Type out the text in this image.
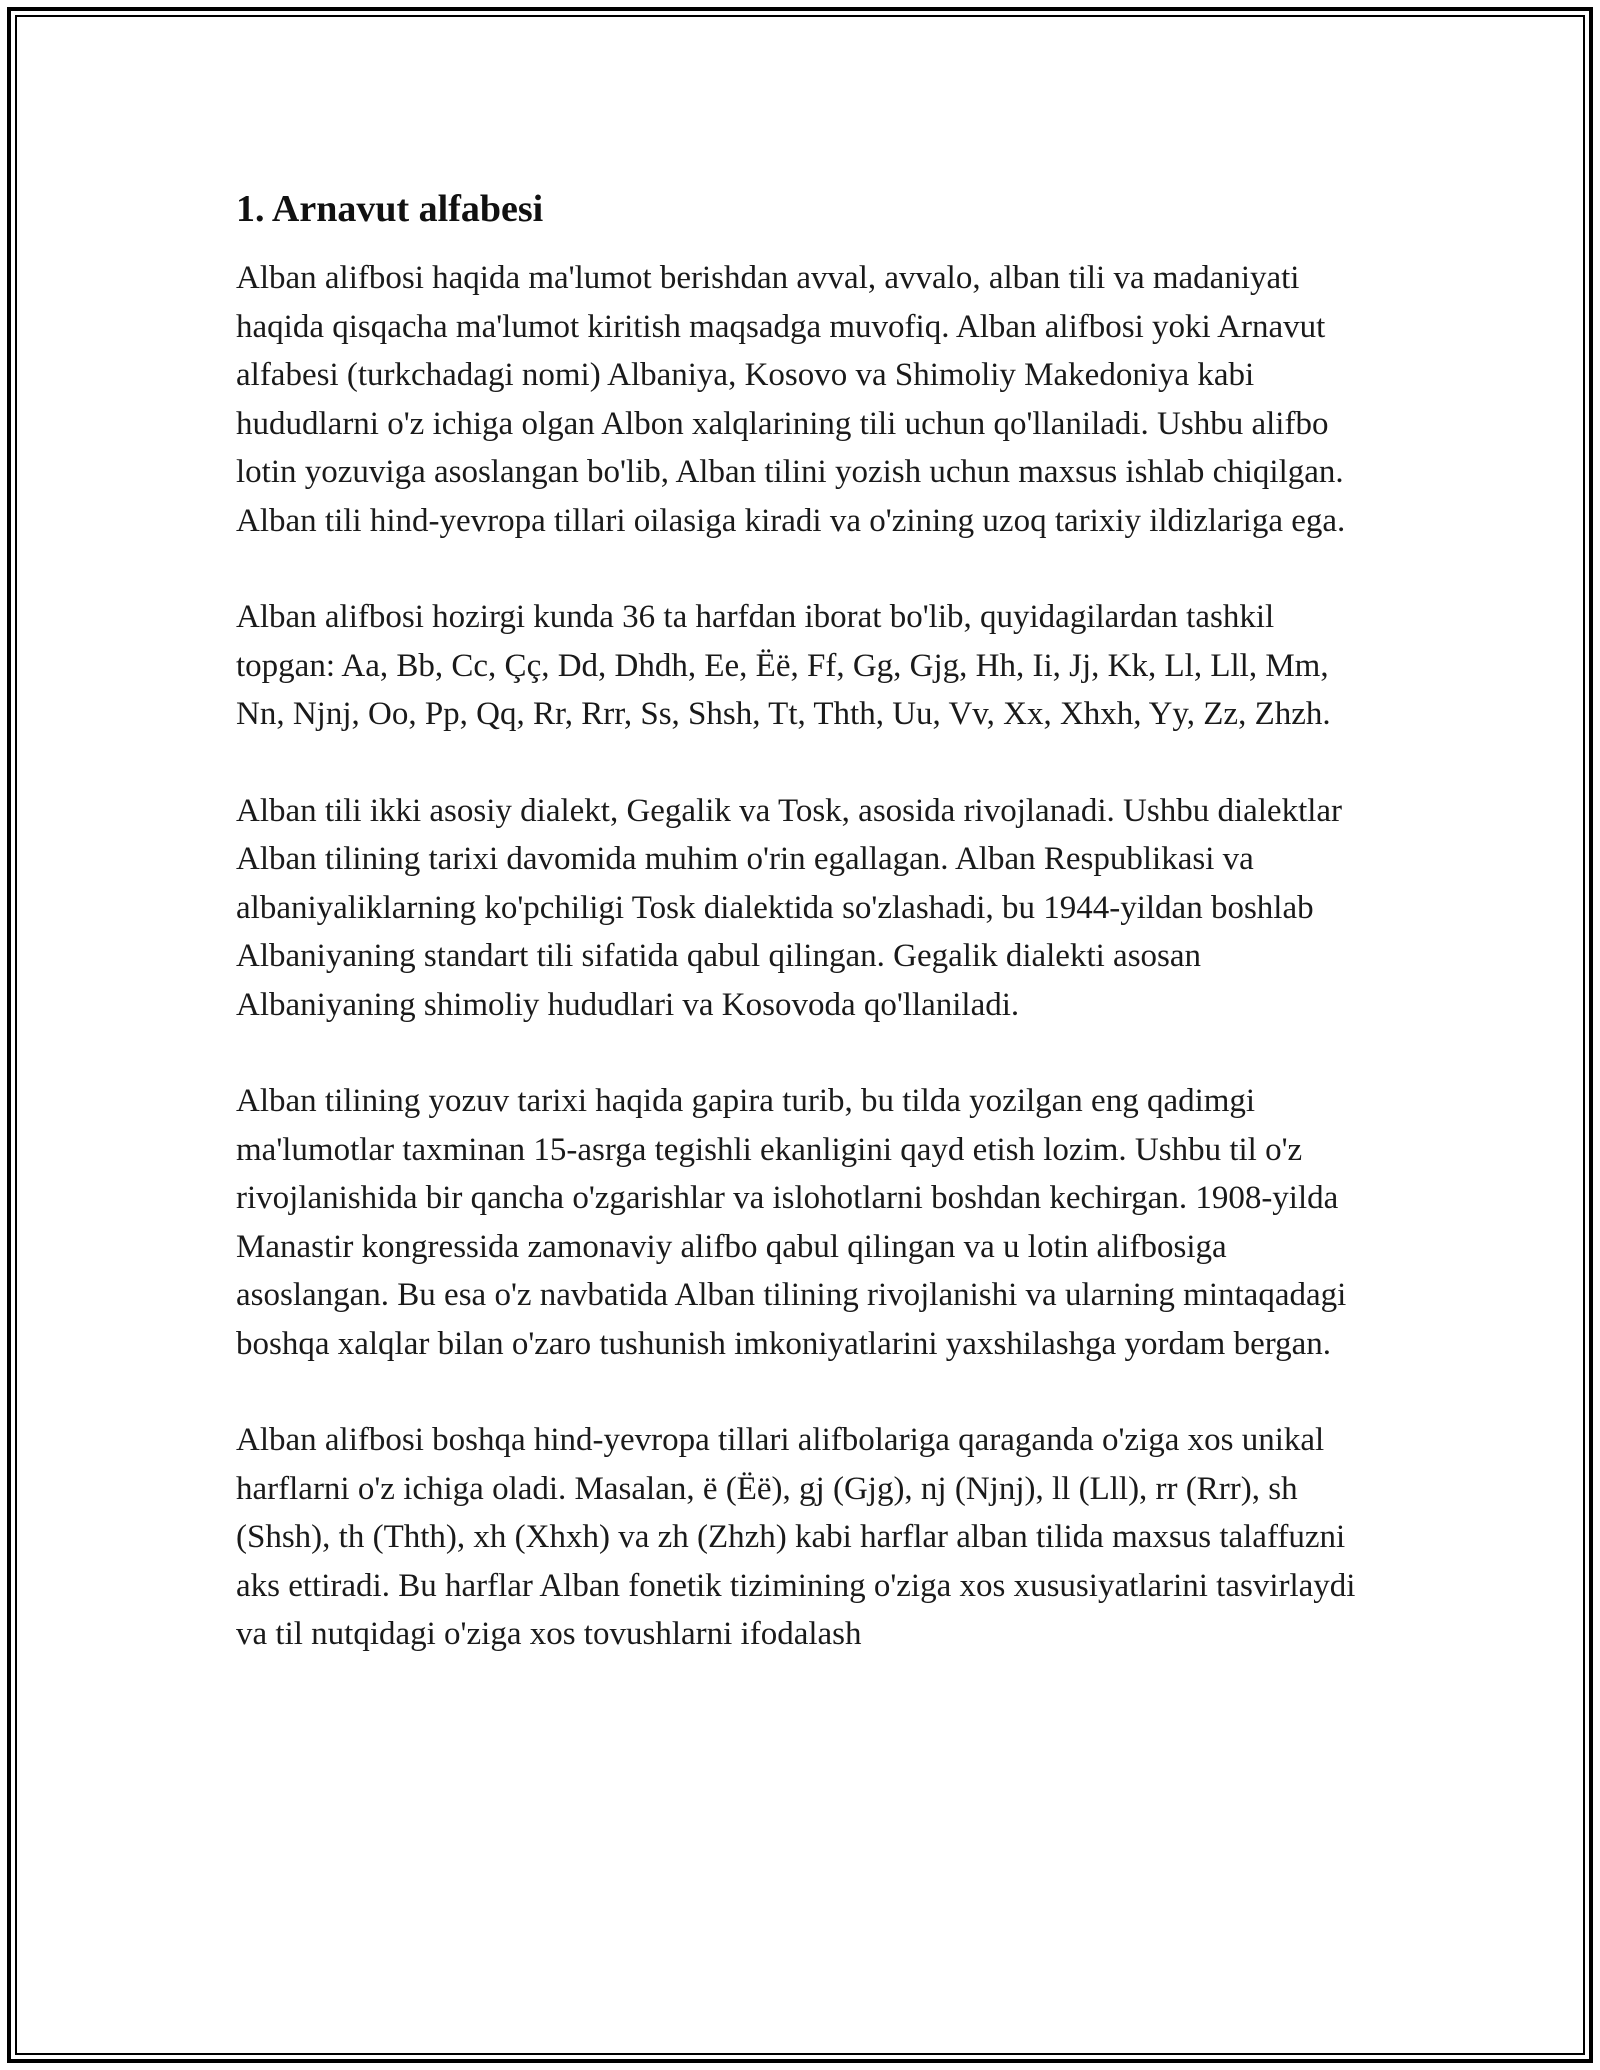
1. Arnavut alfabesi

Alban alifbosi haqida ma'lumot berishdan avval, avvalo, alban tili va madaniyati haqida qisqacha ma'lumot kiritish maqsadga muvofiq. Alban alifbosi yoki Arnavut alfabesi (turkchadagi nomi) Albaniya, Kosovo va Shimoliy Makedoniya kabi hududlarni o'z ichiga olgan Albon xalqlarining tili uchun qo'llaniladi. Ushbu alifbo lotin yozuviga asoslangan bo'lib, Alban tilini yozish uchun maxsus ishlab chiqilgan. Alban tili hind-yevropa tillari oilasiga kiradi va o'zining uzoq tarixiy ildizlariga ega.

Alban alifbosi hozirgi kunda 36 ta harfdan iborat bo'lib, quyidagilardan tashkil topgan: Aa, Bb, Cc, Çç, Dd, Dhdh, Ee, Ëë, Ff, Gg, Gjg, Hh, Ii, Jj, Kk, Ll, Lll, Mm, Nn, Njnj, Oo, Pp, Qq, Rr, Rrr, Ss, Shsh, Tt, Thth, Uu, Vv, Xx, Xhxh, Yy, Zz, Zhzh.

Alban tili ikki asosiy dialekt, Gegalik va Tosk, asosida rivojlanadi. Ushbu dialektlar Alban tilining tarixi davomida muhim o'rin egallagan. Alban Respublikasi va albaniyaliklarning ko'pchiligi Tosk dialektida so'zlashadi, bu 1944-yildan boshlab Albaniyaning standart tili sifatida qabul qilingan. Gegalik dialekti asosan Albaniyaning shimoliy hududlari va Kosovoda qo'llaniladi.

Alban tilining yozuv tarixi haqida gapira turib, bu tilda yozilgan eng qadimgi ma'lumotlar taxminan 15-asrga tegishli ekanligini qayd etish lozim. Ushbu til o'z rivojlanishida bir qancha o'zgarishlar va islohotlarni boshdan kechirgan. 1908-yilda Manastir kongressida zamonaviy alifbo qabul qilingan va u lotin alifbosiga asoslangan. Bu esa o'z navbatida Alban tilining rivojlanishi va ularning mintaqadagi boshqa xalqlar bilan o'zaro tushunish imkoniyatlarini yaxshilashga yordam bergan.

Alban alifbosi boshqa hind-yevropa tillari alifbolariga qaraganda o'ziga xos unikal harflarni o'z ichiga oladi. Masalan, ë (Ëë), gj (Gjg), nj (Njnj), ll (Lll), rr (Rrr), sh (Shsh), th (Thth), xh (Xhxh) va zh (Zhzh) kabi harflar alban tilida maxsus talaffuzni aks ettiradi. Bu harflar Alban fonetik tizimining o'ziga xos xususiyatlarini tasvirlaydi va til nutqidagi o'ziga xos tovushlarni ifodalash
